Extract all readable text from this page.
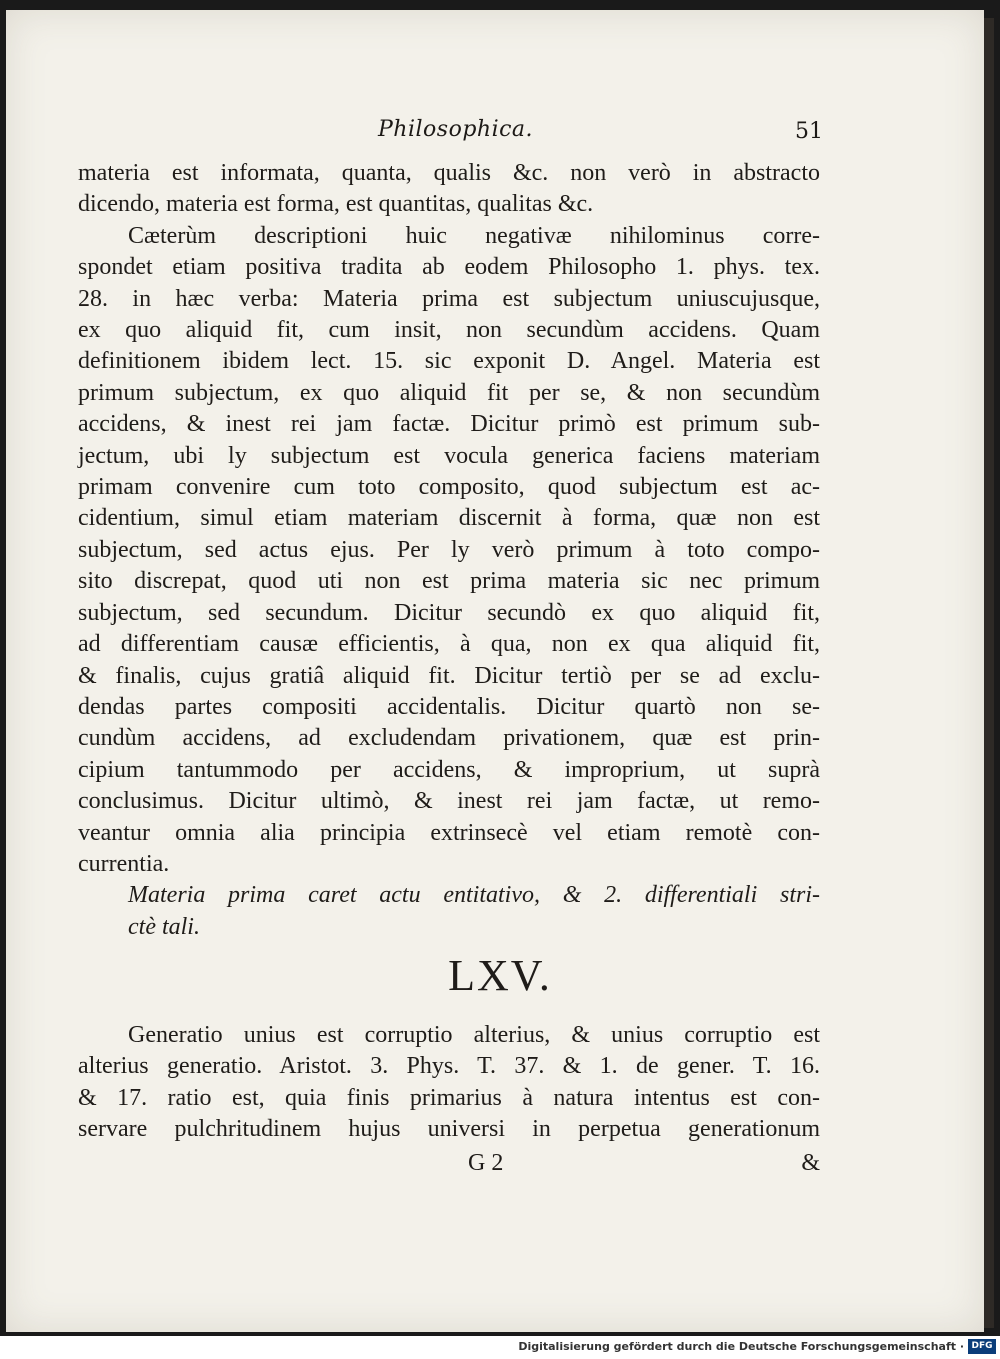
Philosophica.	51
materia est informata, quanta, qualis &c. non verò in abstracto
dicendo, materia est forma, est quantitas, qualitas &c.
Cæterùm descriptioni huic negativæ nihilominus corre-
spondet etiam positiva tradita ab eodem Philosopho 1. phys. tex.
28. in hæc verba: Materia prima est subjectum uniuscujusque,
ex quo aliquid fit, cum insit, non secundùm accidens. Quam
definitionem ibidem lect. 15. sic exponit D. Angel. Materia est
primum subjectum, ex quo aliquid fit per se, & non secundùm
accidens, & inest rei jam factæ. Dicitur primò est primum sub-
jectum, ubi ly subjectum est vocula generica faciens materiam
primam convenire cum toto composito, quod subjectum est ac-
cidentium, simul etiam materiam discernit à forma, quæ non est
subjectum, sed actus ejus. Per ly verò primum à toto compo-
sito discrepat, quod uti non est prima materia sic nec primum
subjectum, sed secundum. Dicitur secundò ex quo aliquid fit,
ad differentiam causæ efficientis, à qua, non ex qua aliquid fit,
& finalis, cujus gratiâ aliquid fit. Dicitur tertiò per se ad exclu-
dendas partes compositi accidentalis. Dicitur quartò non se-
cundùm accidens, ad excludendam privationem, quæ est prin-
cipium tantummodo per accidens, & improprium, ut suprà
conclusimus. Dicitur ultimò, & inest rei jam factæ, ut remo-
veantur omnia alia principia extrinsecè vel etiam remotè con-
currentia.
Materia prima caret actu entitativo, & 2. differentiali stri-
ctè tali.
LXV.
Generatio unius est corruptio alterius, & unius corruptio est
alterius generatio. Aristot. 3. Phys. T. 37. & 1. de gener. T. 16.
& 17. ratio est, quia finis primarius à natura intentus est con-
servare pulchritudinem hujus universi in perpetua generationum
G 2	&
Digitalisierung gefördert durch die Deutsche Forschungsgemeinschaft · DFG
